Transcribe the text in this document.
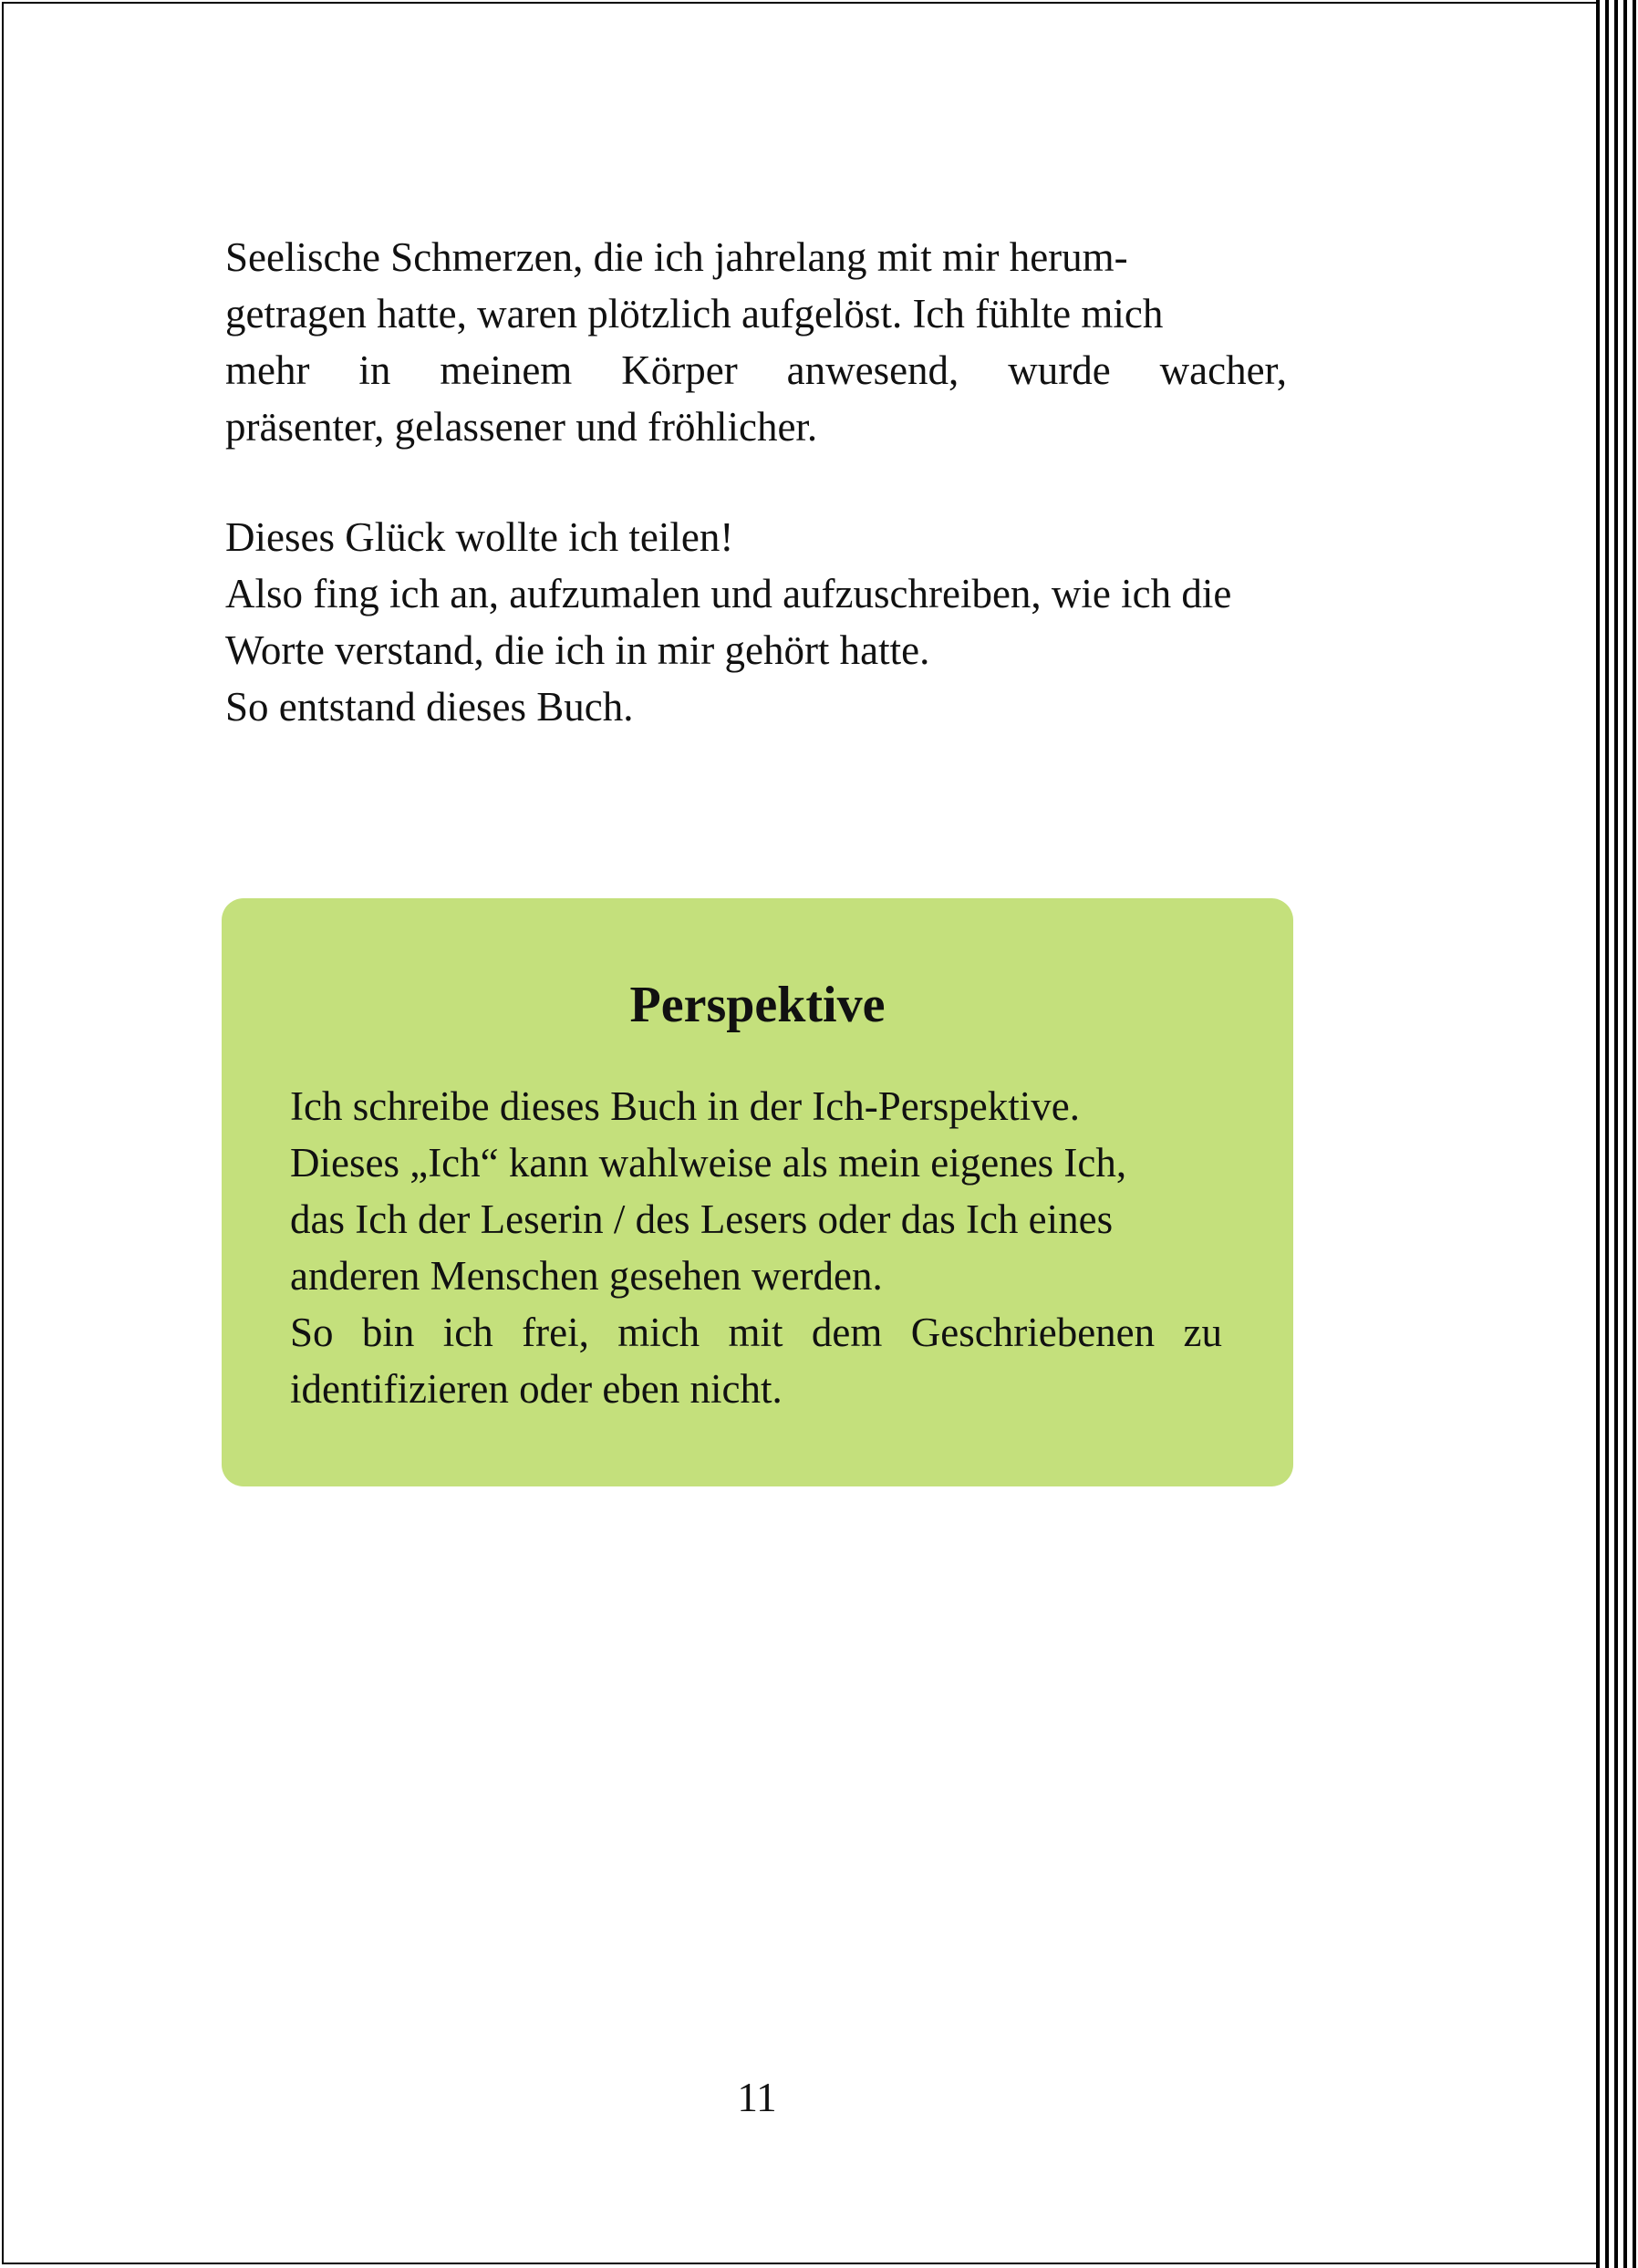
Seelische Schmerzen, die ich jahrelang mit mir herum-
getragen hatte, waren plötzlich aufgelöst. Ich fühlte mich
mehr in meinem Körper anwesend, wurde wacher,
präsenter, gelassener und fröhlicher.

Dieses Glück wollte ich teilen!

Also fing ich an, aufzumalen und aufzuschreiben, wie ich die Worte verstand, die ich in mir gehört hatte.

So entstand dieses Buch.

Perspektive

Ich schreibe dieses Buch in der Ich-Perspektive.
Dieses „Ich“ kann wahlweise als mein eigenes Ich,
das Ich der Leserin / des Lesers oder das Ich eines
anderen Menschen gesehen werden.
So bin ich frei, mich mit dem Geschriebenen zu
identifizieren oder eben nicht.

11
